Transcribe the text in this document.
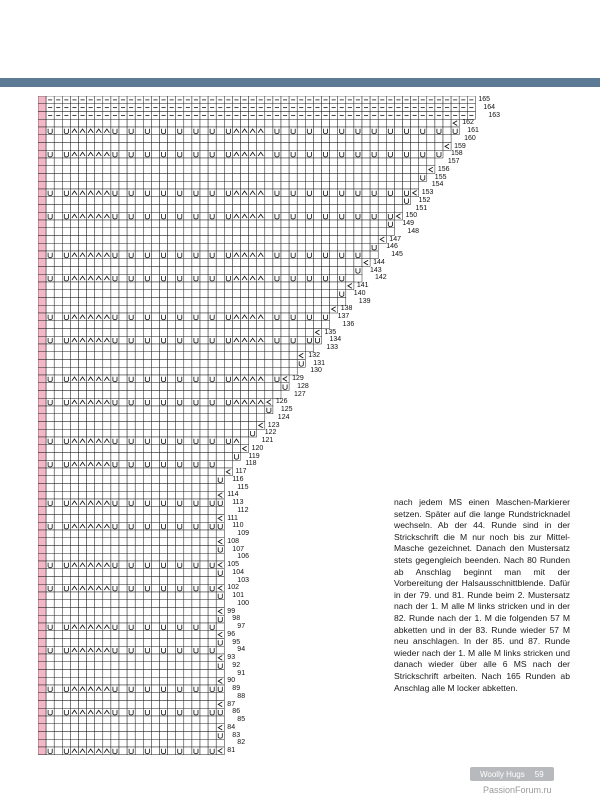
165
164
163
162
161
160
159
158
157
156
155
154
153
152
151
150
149
148
147
146
145
144
143
142
141
140
139
138
137
136
135
134
133
132
131
130
129
128
127
126
125
124
123
122
121
120
119
118
117
116
115
114
113
112
111
110
109
108
107
106
105
104
103
102
101
100
99
98
97
96
95
94
93
92
91
90
89
88
87
86
85
84
83
82
81

nach jedem MS einen Maschen-Markierer setzen. Später auf die lange Rundstricknadel wechseln. Ab der 44. Runde sind in der Strickschrift die M nur noch bis zur Mittel-Masche gezeichnet. Danach den Mustersatz stets gegengleich beenden. Nach 80 Runden ab Anschlag beginnt man mit der Vorbereitung der Halsausschnittblende. Dafür in der 79. und 81. Runde beim 2. Mustersatz nach der 1. M alle M links stricken und in der 82. Runde nach der 1. M die folgenden 57 M abketten und in der 83. Runde wieder 57 M neu anschlagen. In der 85. und 87. Runde wieder nach der 1. M alle M links stricken und danach wieder über alle 6 MS nach der Strickschrift arbeiten. Nach 165 Runden ab Anschlag alle M locker abketten.

Woolly Hugs 59
PassionForum.ru
